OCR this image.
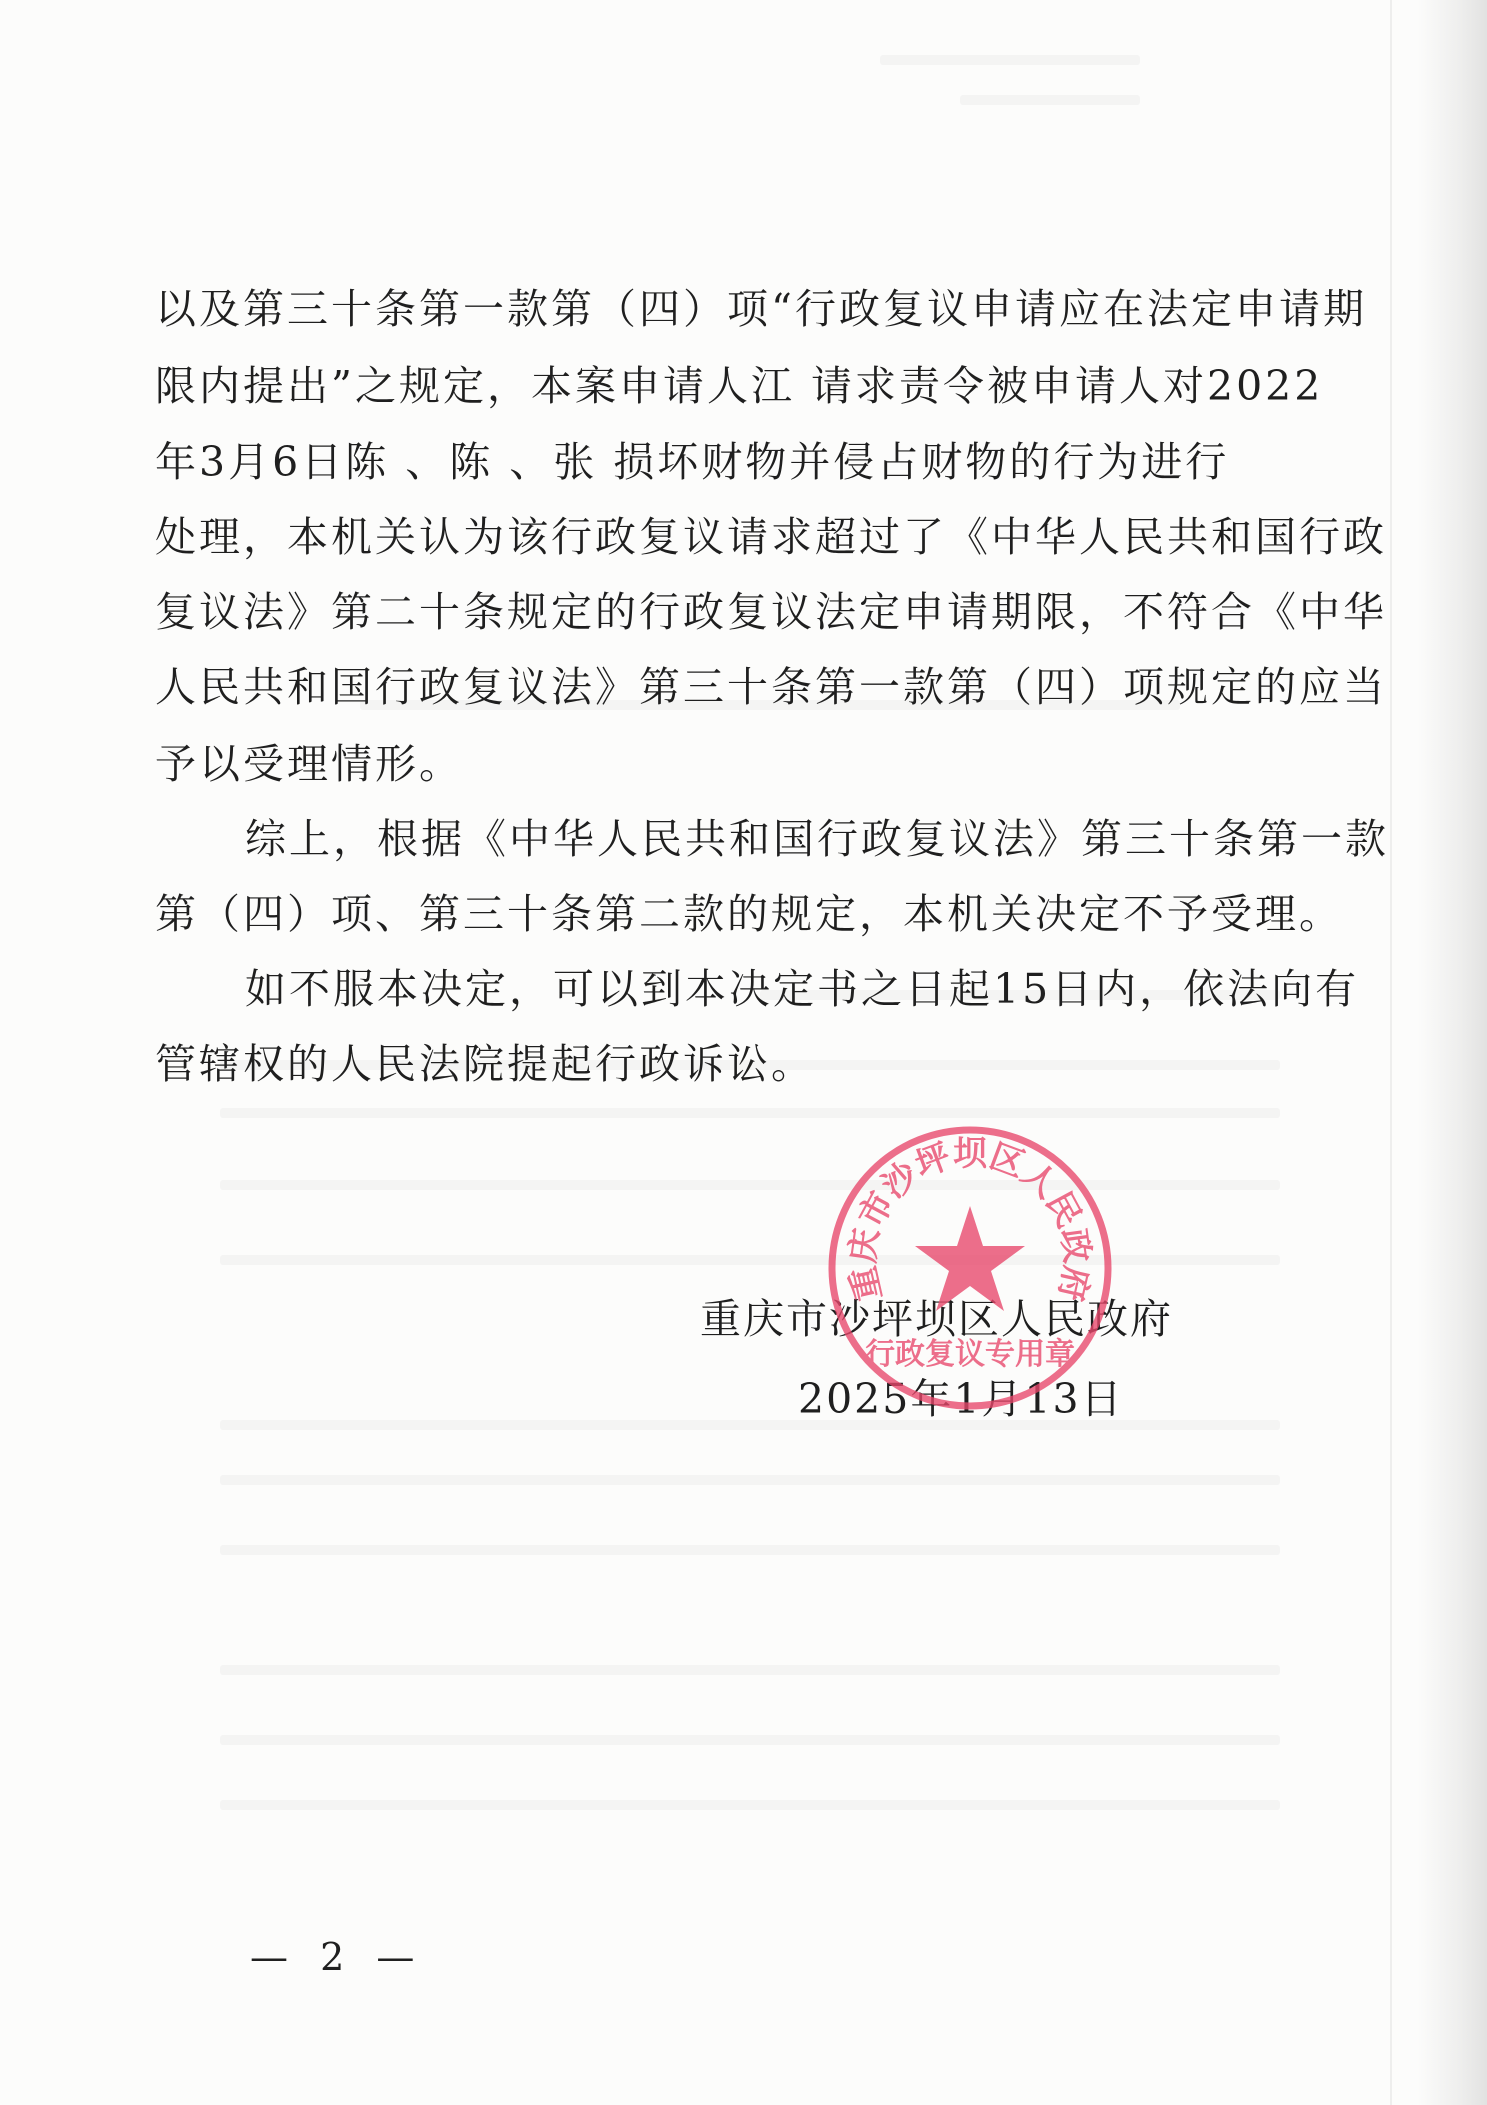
以及第三十条第一款第（四）项“行政复议申请应在法定申请期
限内提出”之规定，本案申请人江 请求责令被申请人对2022
年3月6日陈 、陈 、张 损坏财物并侵占财物的行为进行
处理，本机关认为该行政复议请求超过了《中华人民共和国行政
复议法》第二十条规定的行政复议法定申请期限，不符合《中华
人民共和国行政复议法》第三十条第一款第（四）项规定的应当
予以受理情形。
综上，根据《中华人民共和国行政复议法》第三十条第一款
第（四）项、第三十条第二款的规定，本机关决定不予受理。
如不服本决定，可以到本决定书之日起15日内，依法向有
管辖权的人民法院提起行政诉讼。
重庆市沙坪坝区人民政府
行政复议专用章
重庆市沙坪坝区人民政府
2025年1月13日
— 2 —
